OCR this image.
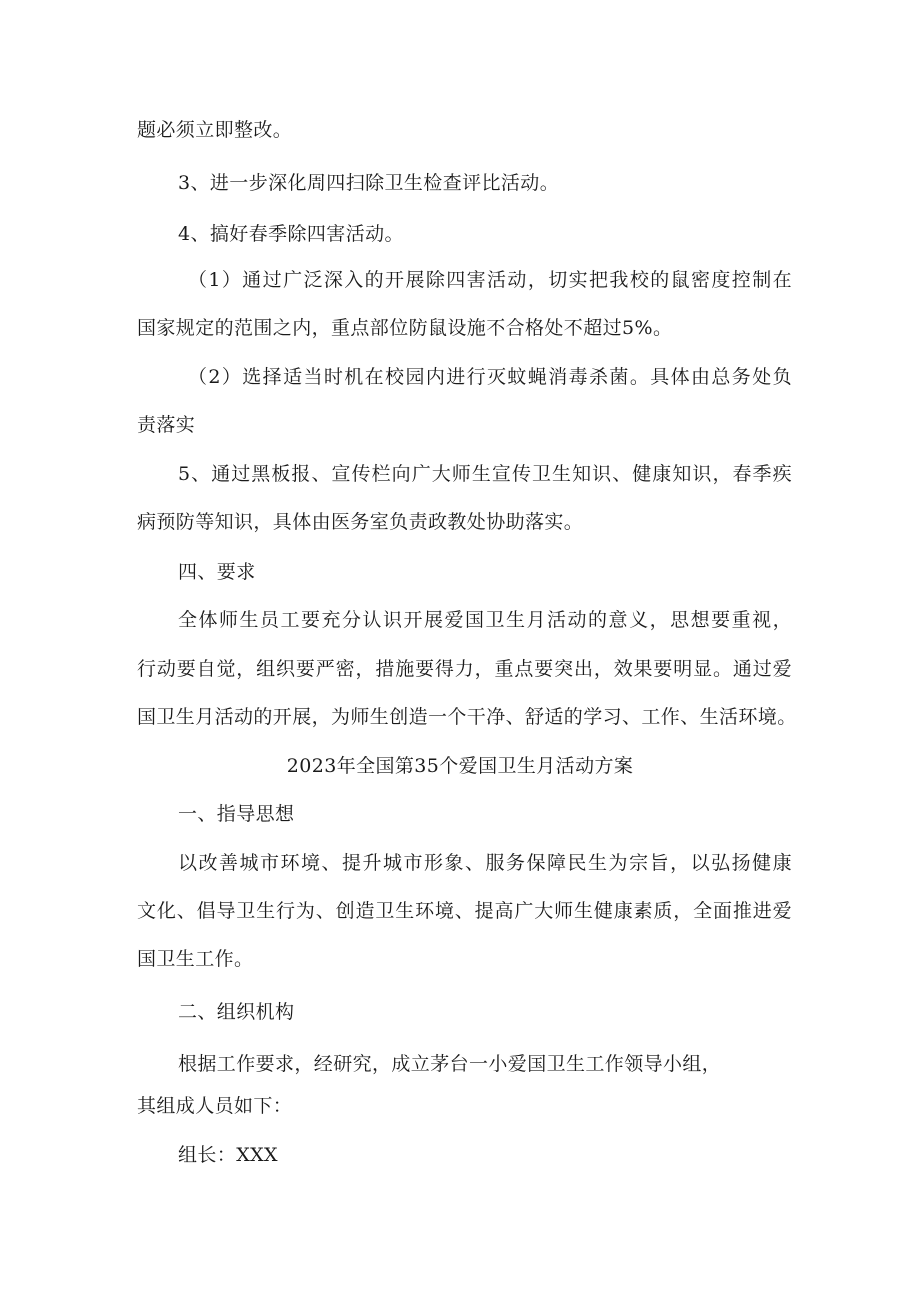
题必须立即整改。
3、进一步深化周四扫除卫生检查评比活动。
4、搞好春季除四害活动。
（1）通过广泛深入的开展除四害活动，切实把我校的鼠密度控制在
国家规定的范围之内，重点部位防鼠设施不合格处不超过5%。
（2）选择适当时机在校园内进行灭蚊蝇消毒杀菌。具体由总务处负
责落实
5、通过黑板报、宣传栏向广大师生宣传卫生知识、健康知识，春季疾
病预防等知识，具体由医务室负责政教处协助落实。
四、要求
全体师生员工要充分认识开展爱国卫生月活动的意义，思想要重视，
行动要自觉，组织要严密，措施要得力，重点要突出，效果要明显。通过爱
国卫生月活动的开展，为师生创造一个干净、舒适的学习、工作、生活环境。
2023年全国第35个爱国卫生月活动方案
一、指导思想
以改善城市环境、提升城市形象、服务保障民生为宗旨，以弘扬健康
文化、倡导卫生行为、创造卫生环境、提高广大师生健康素质，全面推进爱
国卫生工作。
二、组织机构
根据工作要求，经研究，成立茅台一小爱国卫生工作领导小组，
其组成人员如下：
组长：XXX
